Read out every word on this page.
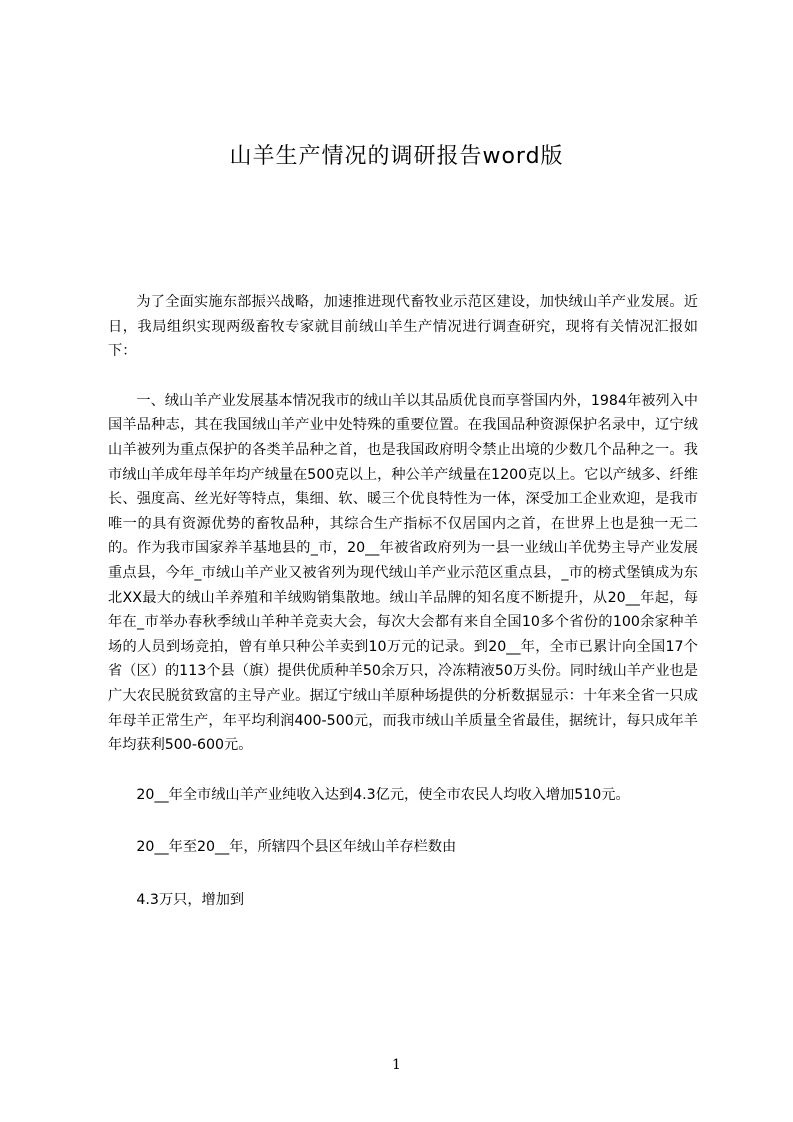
山羊生产情况的调研报告word版

为了全面实施东部振兴战略，加速推进现代畜牧业示范区建设，加快绒山羊产业发展。近日，我局组织实现两级畜牧专家就目前绒山羊生产情况进行调查研究，现将有关情况汇报如下：

一、绒山羊产业发展基本情况我市的绒山羊以其品质优良而享誉国内外，1984年被列入中国羊品种志，其在我国绒山羊产业中处特殊的重要位置。在我国品种资源保护名录中，辽宁绒山羊被列为重点保护的各类羊品种之首，也是我国政府明令禁止出境的少数几个品种之一。我市绒山羊成年母羊年均产绒量在500克以上，种公羊产绒量在1200克以上。它以产绒多、纤维长、强度高、丝光好等特点，集细、软、暖三个优良特性为一体，深受加工企业欢迎，是我市唯一的具有资源优势的畜牧品种，其综合生产指标不仅居国内之首，在世界上也是独一无二的。作为我市国家养羊基地县的_市，20__年被省政府列为一县一业绒山羊优势主导产业发展重点县，今年_市绒山羊产业又被省列为现代绒山羊产业示范区重点县，_市的榜式堡镇成为东北XX最大的绒山羊养殖和羊绒购销集散地。绒山羊品牌的知名度不断提升，从20__年起，每年在_市举办春秋季绒山羊种羊竞卖大会，每次大会都有来自全国10多个省份的100余家种羊场的人员到场竞拍，曾有单只种公羊卖到10万元的记录。到20__年，全市已累计向全国17个省（区）的113个县（旗）提供优质种羊50余万只，冷冻精液50万头份。同时绒山羊产业也是广大农民脱贫致富的主导产业。据辽宁绒山羊原种场提供的分析数据显示：十年来全省一只成年母羊正常生产，年平均利润400-500元，而我市绒山羊质量全省最佳，据统计，每只成年羊年均获利500-600元。

20__年全市绒山羊产业纯收入达到4.3亿元，使全市农民人均收入增加510元。

20__年至20__年，所辖四个县区年绒山羊存栏数由

4.3万只，增加到

1
